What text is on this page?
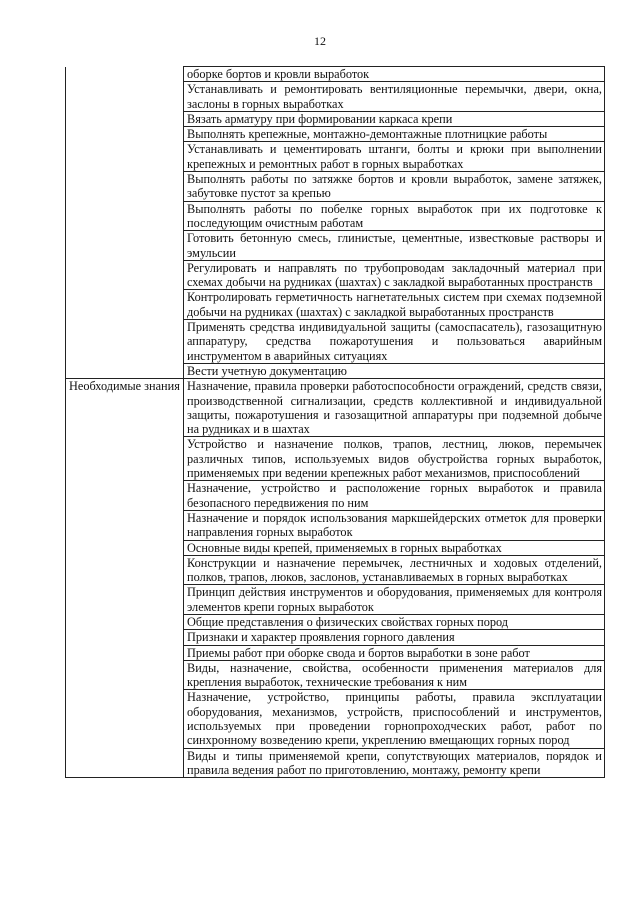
12
	оборке бортов и кровли выработок
	Устанавливать и ремонтировать вентиляционные перемычки, двери, окна, заслоны в горных выработках
	Вязать арматуру при формировании каркаса крепи
	Выполнять крепежные, монтажно-демонтажные плотницкие работы
	Устанавливать и цементировать штанги, болты и крюки при выполнении крепежных и ремонтных работ в горных выработках
	Выполнять работы по затяжке бортов и кровли выработок, замене затяжек, забутовке пустот за крепью
	Выполнять работы по побелке горных выработок при их подготовке к последующим очистным работам
	Готовить бетонную смесь, глинистые, цементные, известковые растворы и эмульсии
	Регулировать и направлять по трубопроводам закладочный материал при схемах добычи на рудниках (шахтах) с закладкой выработанных пространств
	Контролировать герметичность нагнетательных систем при схемах подземной добычи на рудниках (шахтах) с закладкой выработанных пространств
	Применять средства индивидуальной защиты (самоспасатель), газозащитную аппаратуру, средства пожаротушения и пользоваться аварийным инструментом в аварийных ситуациях
	Вести учетную документацию
Необходимые знания	Назначение, правила проверки работоспособности ограждений, средств связи, производственной сигнализации, средств коллективной и индивидуальной защиты, пожаротушения и газозащитной аппаратуры при подземной добыче на рудниках и в шахтах
	Устройство и назначение полков, трапов, лестниц, люков, перемычек различных типов, используемых видов обустройства горных выработок, применяемых при ведении крепежных работ механизмов, приспособлений
	Назначение, устройство и расположение горных выработок и правила безопасного передвижения по ним
	Назначение и порядок использования маркшейдерских отметок для проверки направления горных выработок
	Основные виды крепей, применяемых в горных выработках
	Конструкции и назначение перемычек, лестничных и ходовых отделений, полков, трапов, люков, заслонов, устанавливаемых в горных выработках
	Принцип действия инструментов и оборудования, применяемых для контроля элементов крепи горных выработок
	Общие представления о физических свойствах горных пород
	Признаки и характер проявления горного давления
	Приемы работ при оборке свода и бортов выработки в зоне работ
	Виды, назначение, свойства, особенности применения материалов для крепления выработок, технические требования к ним
	Назначение, устройство, принципы работы, правила эксплуатации оборудования, механизмов, устройств, приспособлений и инструментов, используемых при проведении горнопроходческих работ, работ по синхронному возведению крепи, укреплению вмещающих горных пород
	Виды и типы применяемой крепи, сопутствующих материалов, порядок и правила ведения работ по приготовлению, монтажу, ремонту крепи
